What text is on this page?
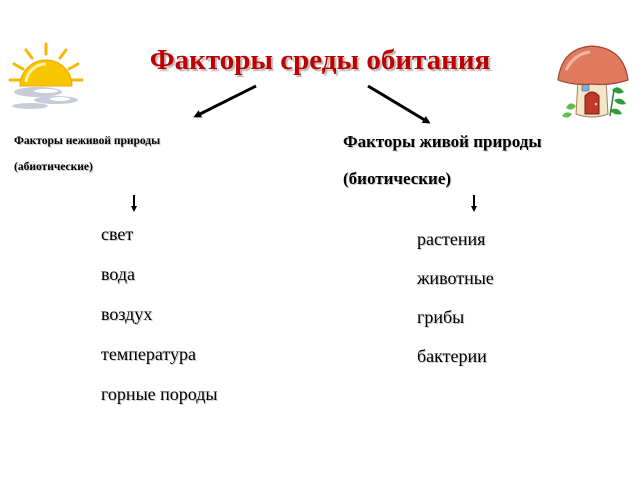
Факторы среды обитания
Факторы неживой природы
(абиотические)
Факторы живой природы
(биотические)
свет
вода
воздух
температура
горные породы
растения
животные
грибы
бактерии
